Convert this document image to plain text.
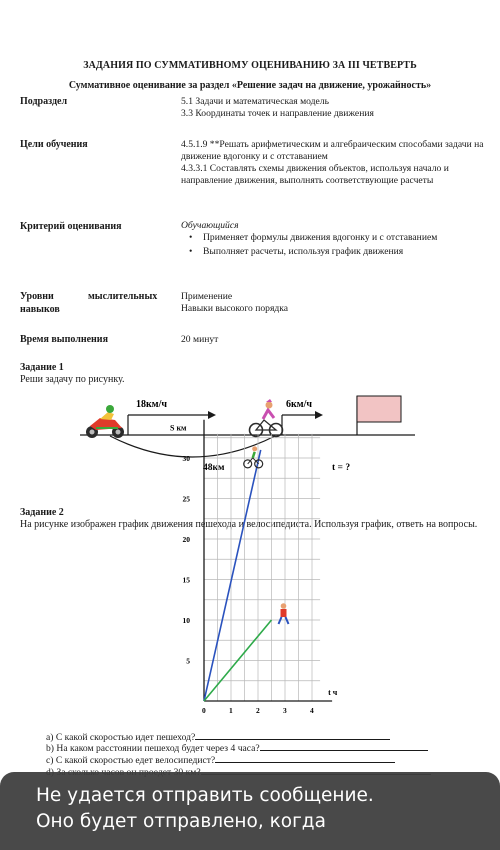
ЗАДАНИЯ ПО СУММАТИВНОМУ ОЦЕНИВАНИЮ ЗА III ЧЕТВЕРТЬ
Суммативное оценивание за раздел «Решение задач на движение, урожайность»
Подраздел	5.1 Задачи и математическая модель
3.3 Координаты точек и направление движения
Цели обучения	4.5.1.9 **Решать арифметическим и алгебраическим способами задачи на движение вдогонку и с отставанием
4.3.3.1 Составлять схемы движения объектов, используя начало и направление движения, выполнять соответствующие расчеты
Критерий оценивания	Обучающийся
• Применяет формулы движения вдогонку и с отставанием
• Выполняет расчеты, используя график движения
Уровни	мыслительных
навыков
Применение
Навыки высокого порядка
Время выполнения	20 минут
Задание 1
Реши задачу по рисунку.
18км/ч	6км/ч
48км	t = ?
Задание 2
На рисунке изображен график движения пешехода и велосипедиста. Используя график, ответь на вопросы.
S км
t ч
0	1	2	3	4
5
10
15
20
25
30
a) С какой скоростью идет пешеход?
b) На каком расстоянии пешеход будет через 4 часа?
c) С какой скоростью едет велосипедист?
Не удается отправить сообщение.
Оно будет отправлено, когда
